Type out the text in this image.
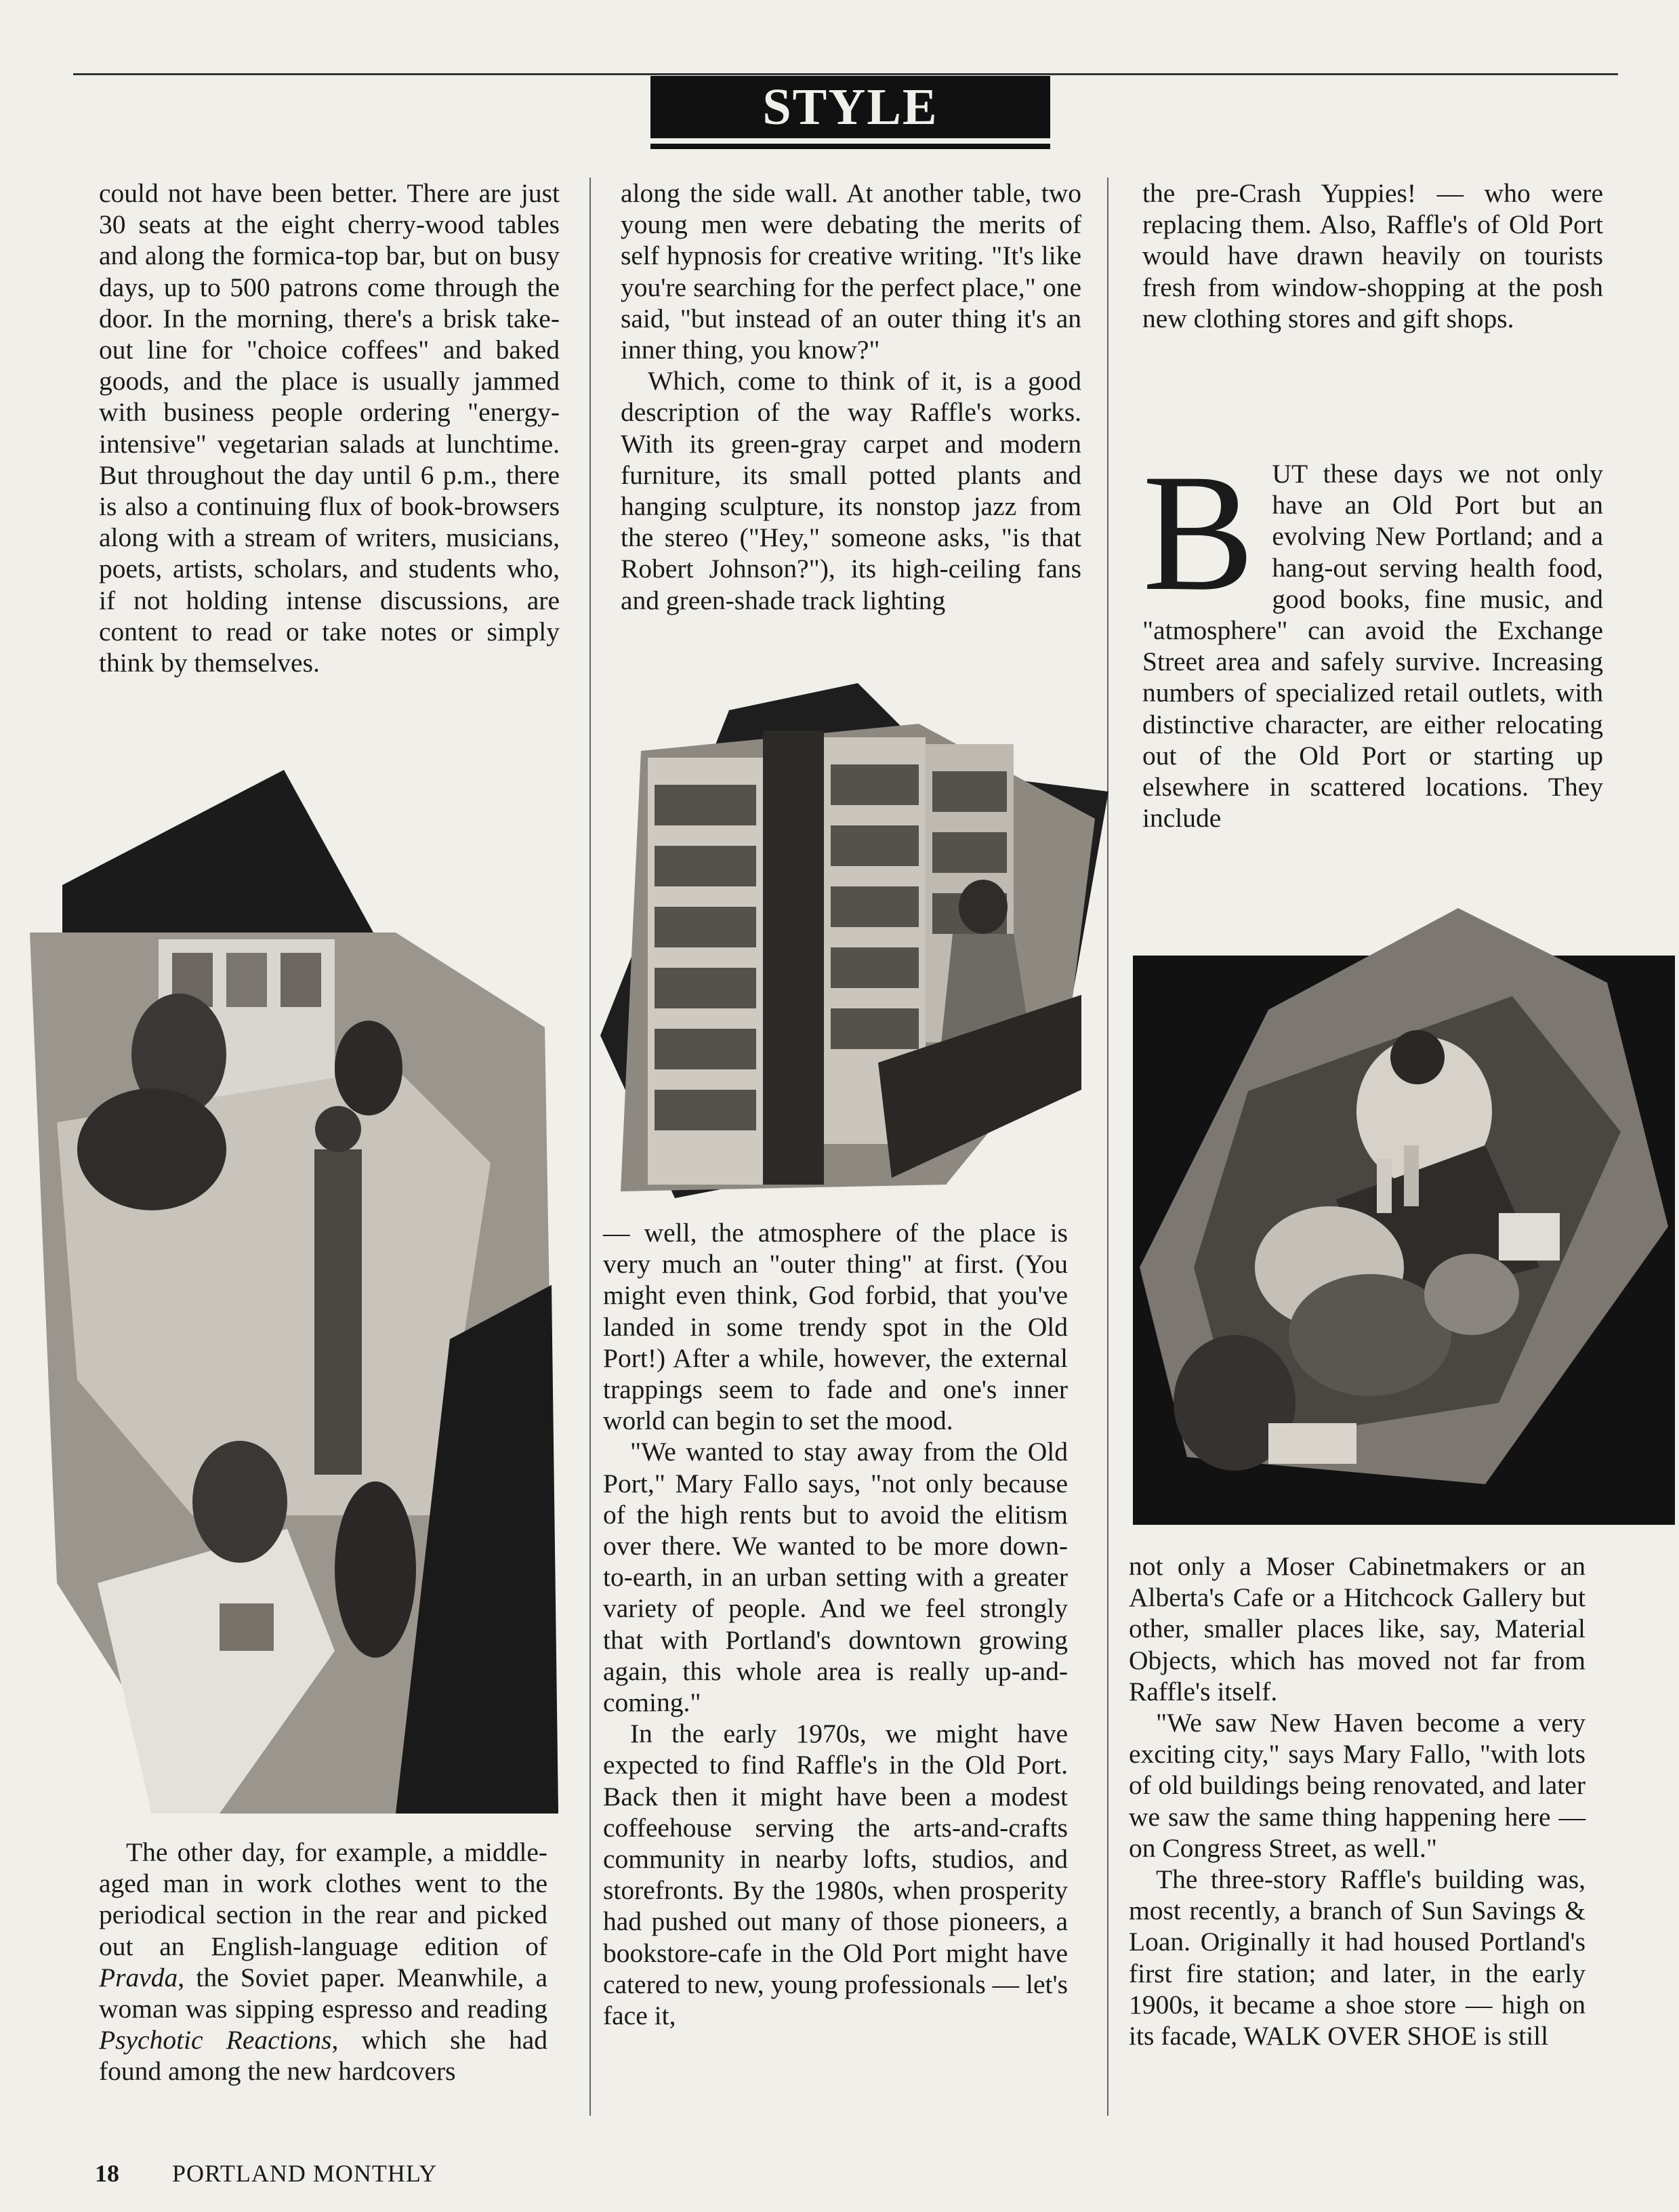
STYLE

could not have been better. There are just 30 seats at the eight cherry-wood tables and along the formica-top bar, but on busy days, up to 500 patrons come through the door. In the morning, there's a brisk take-out line for "choice coffees" and baked goods, and the place is usually jammed with business people ordering "energy-intensive" vegetarian salads at lunchtime. But throughout the day until 6 p.m., there is also a continuing flux of book-browsers along with a stream of writers, musicians, poets, artists, scholars, and students who, if not holding intense discussions, are content to read or take notes or simply think by themselves.

The other day, for example, a middle-aged man in work clothes went to the periodical section in the rear and picked out an English-language edition of Pravda, the Soviet paper. Meanwhile, a woman was sipping espresso and reading Psychotic Reactions, which she had found among the new hardcovers

along the side wall. At another table, two young men were debating the merits of self hypnosis for creative writing. "It's like you're searching for the perfect place," one said, "but instead of an outer thing it's an inner thing, you know?"

Which, come to think of it, is a good description of the way Raffle's works. With its green-gray carpet and modern furniture, its small potted plants and hanging sculpture, its nonstop jazz from the stereo ("Hey," someone asks, "is that Robert Johnson?"), its high-ceiling fans and green-shade track lighting

— well, the atmosphere of the place is very much an "outer thing" at first. (You might even think, God forbid, that you've landed in some trendy spot in the Old Port!) After a while, however, the external trappings seem to fade and one's inner world can begin to set the mood.

"We wanted to stay away from the Old Port," Mary Fallo says, "not only because of the high rents but to avoid the elitism over there. We wanted to be more down-to-earth, in an urban setting with a greater variety of people. And we feel strongly that with Portland's downtown growing again, this whole area is really up-and-coming."

In the early 1970s, we might have expected to find Raffle's in the Old Port. Back then it might have been a modest coffeehouse serving the arts-and-crafts community in nearby lofts, studios, and storefronts. By the 1980s, when prosperity had pushed out many of those pioneers, a bookstore-cafe in the Old Port might have catered to new, young professionals — let's face it,

the pre-Crash Yuppies! — who were replacing them. Also, Raffle's of Old Port would have drawn heavily on tourists fresh from window-shopping at the posh new clothing stores and gift shops.

BUT these days we not only have an Old Port but an evolving New Portland; and a hang-out serving health food, good books, fine music, and "atmosphere" can avoid the Exchange Street area and safely survive. Increasing numbers of specialized retail outlets, with distinctive character, are either relocating out of the Old Port or starting up elsewhere in scattered locations. They include

not only a Moser Cabinetmakers or an Alberta's Cafe or a Hitchcock Gallery but other, smaller places like, say, Material Objects, which has moved not far from Raffle's itself.

"We saw New Haven become a very exciting city," says Mary Fallo, "with lots of old buildings being renovated, and later we saw the same thing happening here — on Congress Street, as well."

The three-story Raffle's building was, most recently, a branch of Sun Savings & Loan. Originally it had housed Portland's first fire station; and later, in the early 1900s, it became a shoe store — high on its facade, WALK OVER SHOE is still

18 PORTLAND MONTHLY
